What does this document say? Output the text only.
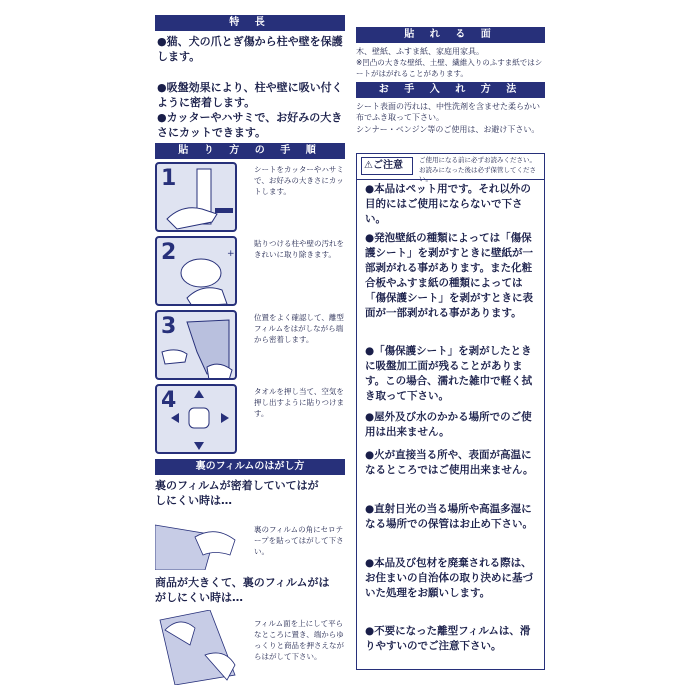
特 長
●猫、犬の爪とぎ傷から柱や壁を保護します。
●吸盤効果により、柱や壁に吸い付くように密着します。
●カッターやハサミで、お好みの大きさにカットできます。
貼 り 方 の 手 順
1	シートをカッターやハサミで、お好みの大きさにカットします。
2	+
貼りつける柱や壁の汚れをきれいに取り除きます。
3	位置をよく確認して、離型フィルムをはがしながら端から密着します。
4	タオルを押し当て、空気を押し出すように貼りつけます。
裏のフィルムのはがし方
裏のフィルムが密着していてはがしにくい時は…
裏のフィルムの角にセロテープを貼ってはがして下さい。
商品が大きくて、裏のフィルムがはがしにくい時は…
フィルム面を上にして平らなところに置き、端からゆっくりと商品を押さえながらはがして下さい。
貼 れ る 面
木、壁紙、ふすま紙、家庭用家具。
※凹凸の大きな壁紙、土壁、繊維入りのふすま紙ではシートがはがれることがあります。
お 手 入 れ 方 法
シート表面の汚れは、中性洗剤を含ませた柔らかい布でふき取って下さい。
シンナー・ベンジン等のご使用は、お避け下さい。
⚠ご注意	ご使用になる前に必ずお読みください。お読みになった後は必ず保管してください。
●本品はペット用です。それ以外の目的にはご使用にならないで下さい。
●発泡壁紙の種類によっては「傷保護シート」を剥がすときに壁紙が一部剥がれる事があります。また化粧合板やふすま紙の種類によっては「傷保護シート」を剥がすときに表面が一部剥がれる事があります。
●「傷保護シート」を剥がしたときに吸盤加工面が残ることがあります。この場合、濡れた雑巾で軽く拭き取って下さい。
●屋外及び水のかかる場所でのご使用は出来ません。
●火が直接当る所や、表面が高温になるところではご使用出来ません。
●直射日光の当る場所や高温多湿になる場所での保管はお止め下さい。
●本品及び包材を廃棄される際は、お住まいの自治体の取り決めに基づいた処理をお願いします。
●不要になった離型フィルムは、滑りやすいのでご注意下さい。
